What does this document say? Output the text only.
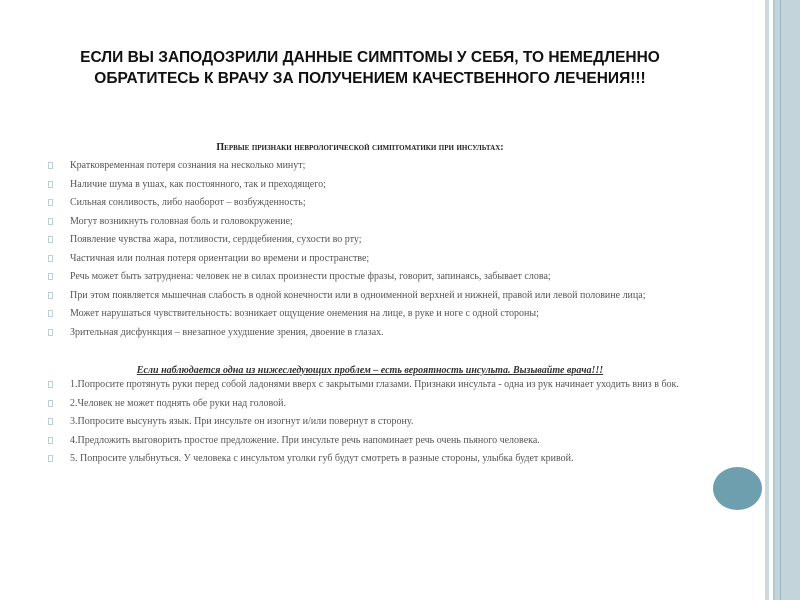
ЕСЛИ ВЫ ЗАПОДОЗРИЛИ ДАННЫЕ СИМПТОМЫ У СЕБЯ, ТО НЕМЕДЛЕННО ОБРАТИТЕСЬ К ВРАЧУ ЗА ПОЛУЧЕНИЕМ КАЧЕСТВЕННОГО ЛЕЧЕНИЯ!!!
Первые признаки неврологической симптоматики при инсультах:
Кратковременная потеря сознания на несколько минут;
Наличие шума в ушах, как постоянного, так и преходящего;
Сильная сонливость, либо наоборот – возбужденность;
Могут возникнуть головная боль и головокружение;
Появление чувства жара, потливости, сердцебиения, сухости во рту;
Частичная или полная потеря ориентации во времени и пространстве;
Речь может быть затруднена: человек не в силах произнести простые фразы, говорит, запинаясь, забывает слова;
При этом появляется мышечная слабость в одной конечности или в одноименной верхней и нижней, правой или левой половине лица;
Может нарушаться чувствительность: возникает ощущение онемения на лице, в руке и ноге с одной стороны;
Зрительная дисфункция – внезапное ухудшение зрения, двоение в глазах.
Если наблюдается одна из нижеследующих проблем – есть вероятность инсульта. Вызывайте врача!!!
1.Попросите протянуть руки перед собой ладонями вверх с закрытыми глазами. Признаки инсульта - одна из рук начинает уходить вниз в бок.
2.Человек не может поднять обе руки над головой.
3.Попросите высунуть язык. При инсульте он изогнут и/или повернут в сторону.
4.Предложить выговорить простое предложение. При инсульте речь напоминает речь очень пьяного человека.
5. Попросите улыбнуться. У человека с инсультом уголки губ будут смотреть в разные стороны, улыбка будет кривой.
